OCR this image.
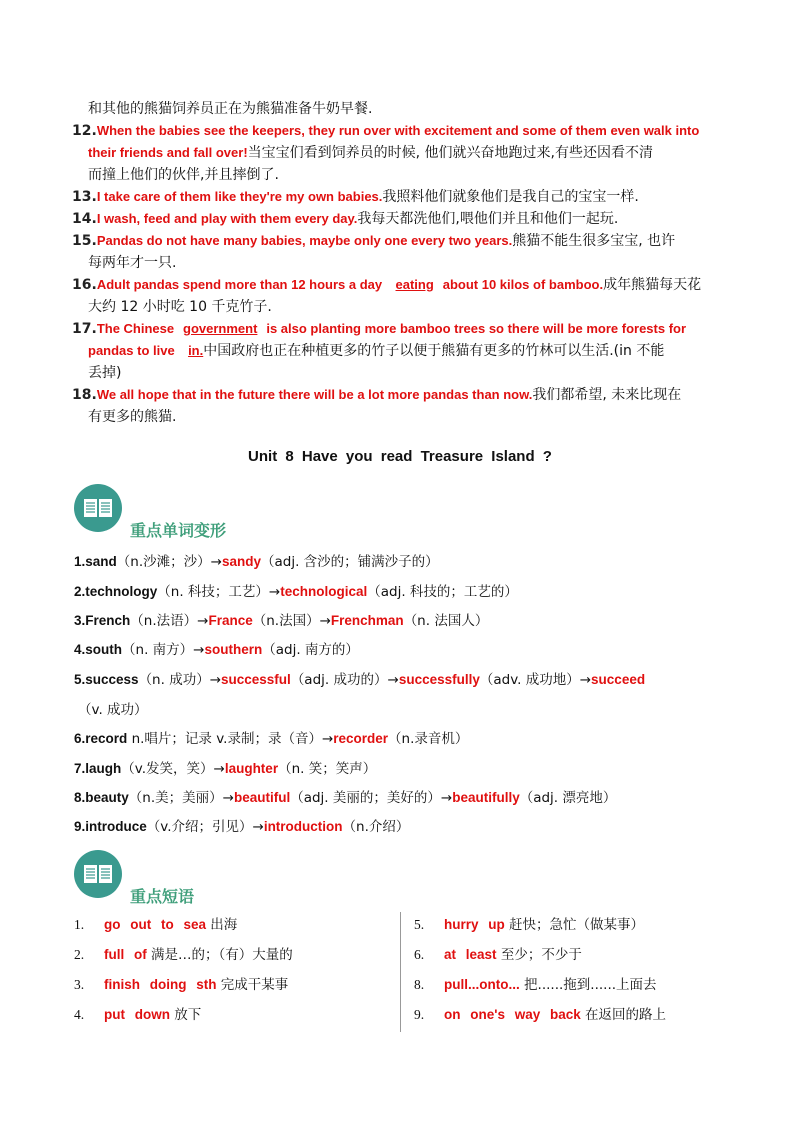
和其他的熊猫饲养员正在为熊猫准备牛奶早餐.
12.When the babies see the keepers, they run over with excitement and some of them even walk into
their friends and fall over!当宝宝们看到饲养员的时候, 他们就兴奋地跑过来,有些还因看不清
而撞上他们的伙伴,并且摔倒了.
13.I take care of them like they're my own babies.我照料他们就象他们是我自己的宝宝一样.
14.I wash, feed and play with them every day.我每天都洗他们,喂他们并且和他们一起玩.
15.Pandas do not have many babies, maybe only one every two years.熊猫不能生很多宝宝, 也许
每两年才一只.
16.Adult pandas spend more than 12 hours a day eating about 10 kilos of bamboo.成年熊猫每天花
大约 12 小时吃 10 千克竹子.
17.The Chinese government is also planting more bamboo trees so there will be more forests for
pandas to live in.中国政府也正在种植更多的竹子以便于熊猫有更多的竹林可以生活.(in 不能
丢掉)
18.We all hope that in the future there will be a lot more pandas than now.我们都希望, 未来比现在
有更多的熊猫.
Unit 8 Have you read Treasure Island ?
重点单词变形
1.sand（n.沙滩；沙）→sandy（adj. 含沙的；铺满沙子的）
2.technology（n. 科技；工艺）→technological（adj. 科技的；工艺的）
3.French（n.法语）→France（n.法国）→Frenchman（n. 法国人）
4.south（n. 南方）→southern（adj. 南方的）
5.success（n. 成功）→successful（adj. 成功的）→successfully（adv. 成功地）→succeed
（v. 成功）
6.record n.唱片；记录 v.录制；录（音）→recorder（n.录音机）
7.laugh（v.发笑，笑）→laughter（n. 笑；笑声）
8.beauty（n.美；美丽）→beautiful（adj. 美丽的；美好的）→beautifully（adj. 漂亮地）
9.introduce（v.介绍；引见）→introduction（n.介绍）
重点短语
1. go out to sea 出海
2. full of 满是…的；（有）大量的
3. finish doing sth 完成干某事
4. put down 放下
5. hurry up 赶快；急忙（做某事）
6. at least 至少；不少于
8. pull...onto... 把......拖到......上面去
9. on one's way back 在返回的路上
